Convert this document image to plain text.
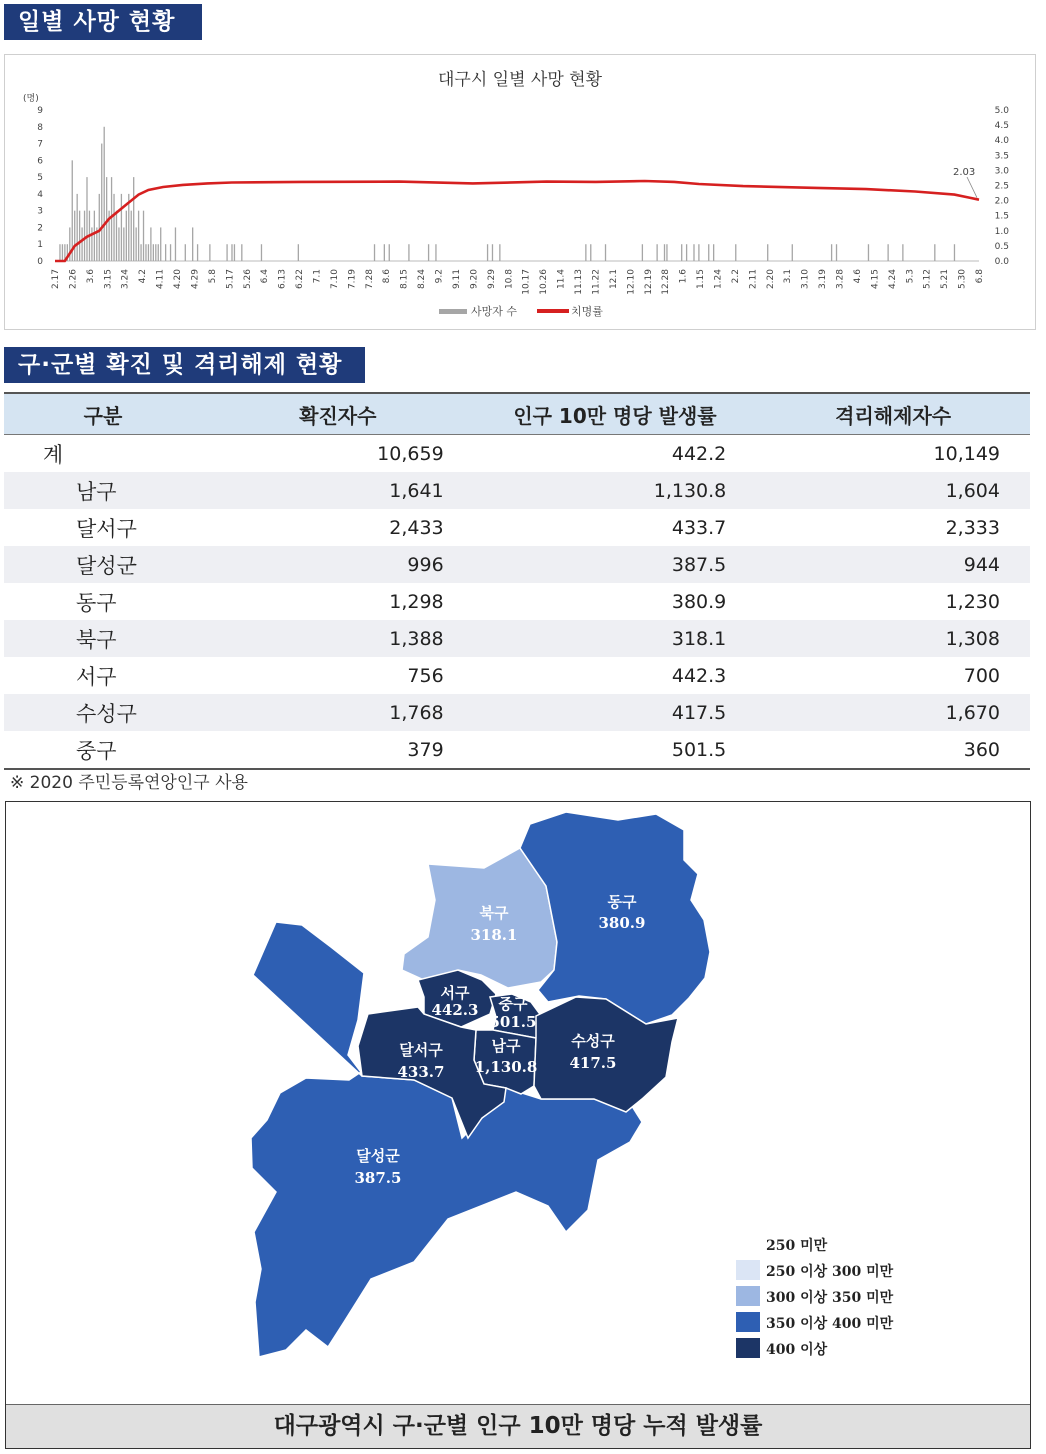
일별 사망 현황
대구시 일별 사망 현황
(명)
0
1
2
3
4
5
6
7
8
9
0.0
0.5
1.0
1.5
2.0
2.5
3.0
3.5
4.0
4.5
5.0
2.17 2.26 3.6 3.15 3.24 4.2 4.11 4.20 4.29 5.8 5.17 5.26 6.4 6.13 6.22 7.1 7.10 7.19 7.28 8.6 8.15 8.24 9.2 9.11 9.20 9.29 10.8 10.17 10.26 11.4 11.13 11.22 12.1 12.10 12.19 12.28 1.6 1.15 1.24 2.2 2.11 2.20 3.1 3.10 3.19 3.28 4.6 4.15 4.24 5.3 5.12 5.21 5.30 6.8
사망자 수	치명률
2.03
구·군별 확진 및 격리해제 현황
구분	확진자수	인구 10만 명당 발생률	격리해제자수
계	10,659	442.2	10,149
남구	1,641	1,130.8	1,604
달서구	2,433	433.7	2,333
달성군	996	387.5	944
동구	1,298	380.9	1,230
북구	1,388	318.1	1,308
서구	756	442.3	700
수성구	1,768	417.5	1,670
중구	379	501.5	360
※ 2020 주민등록연앙인구 사용
북구
318.1
동구
380.9
서구
442.3 중구
501.5
남구
1,130.8
수성구
417.5
달서구
433.7
달성군
387.5
250 미만
250 이상 300 미만
300 이상 350 미만
350 이상 400 미만
400 이상
대구광역시 구·군별 인구 10만 명당 누적 발생률
